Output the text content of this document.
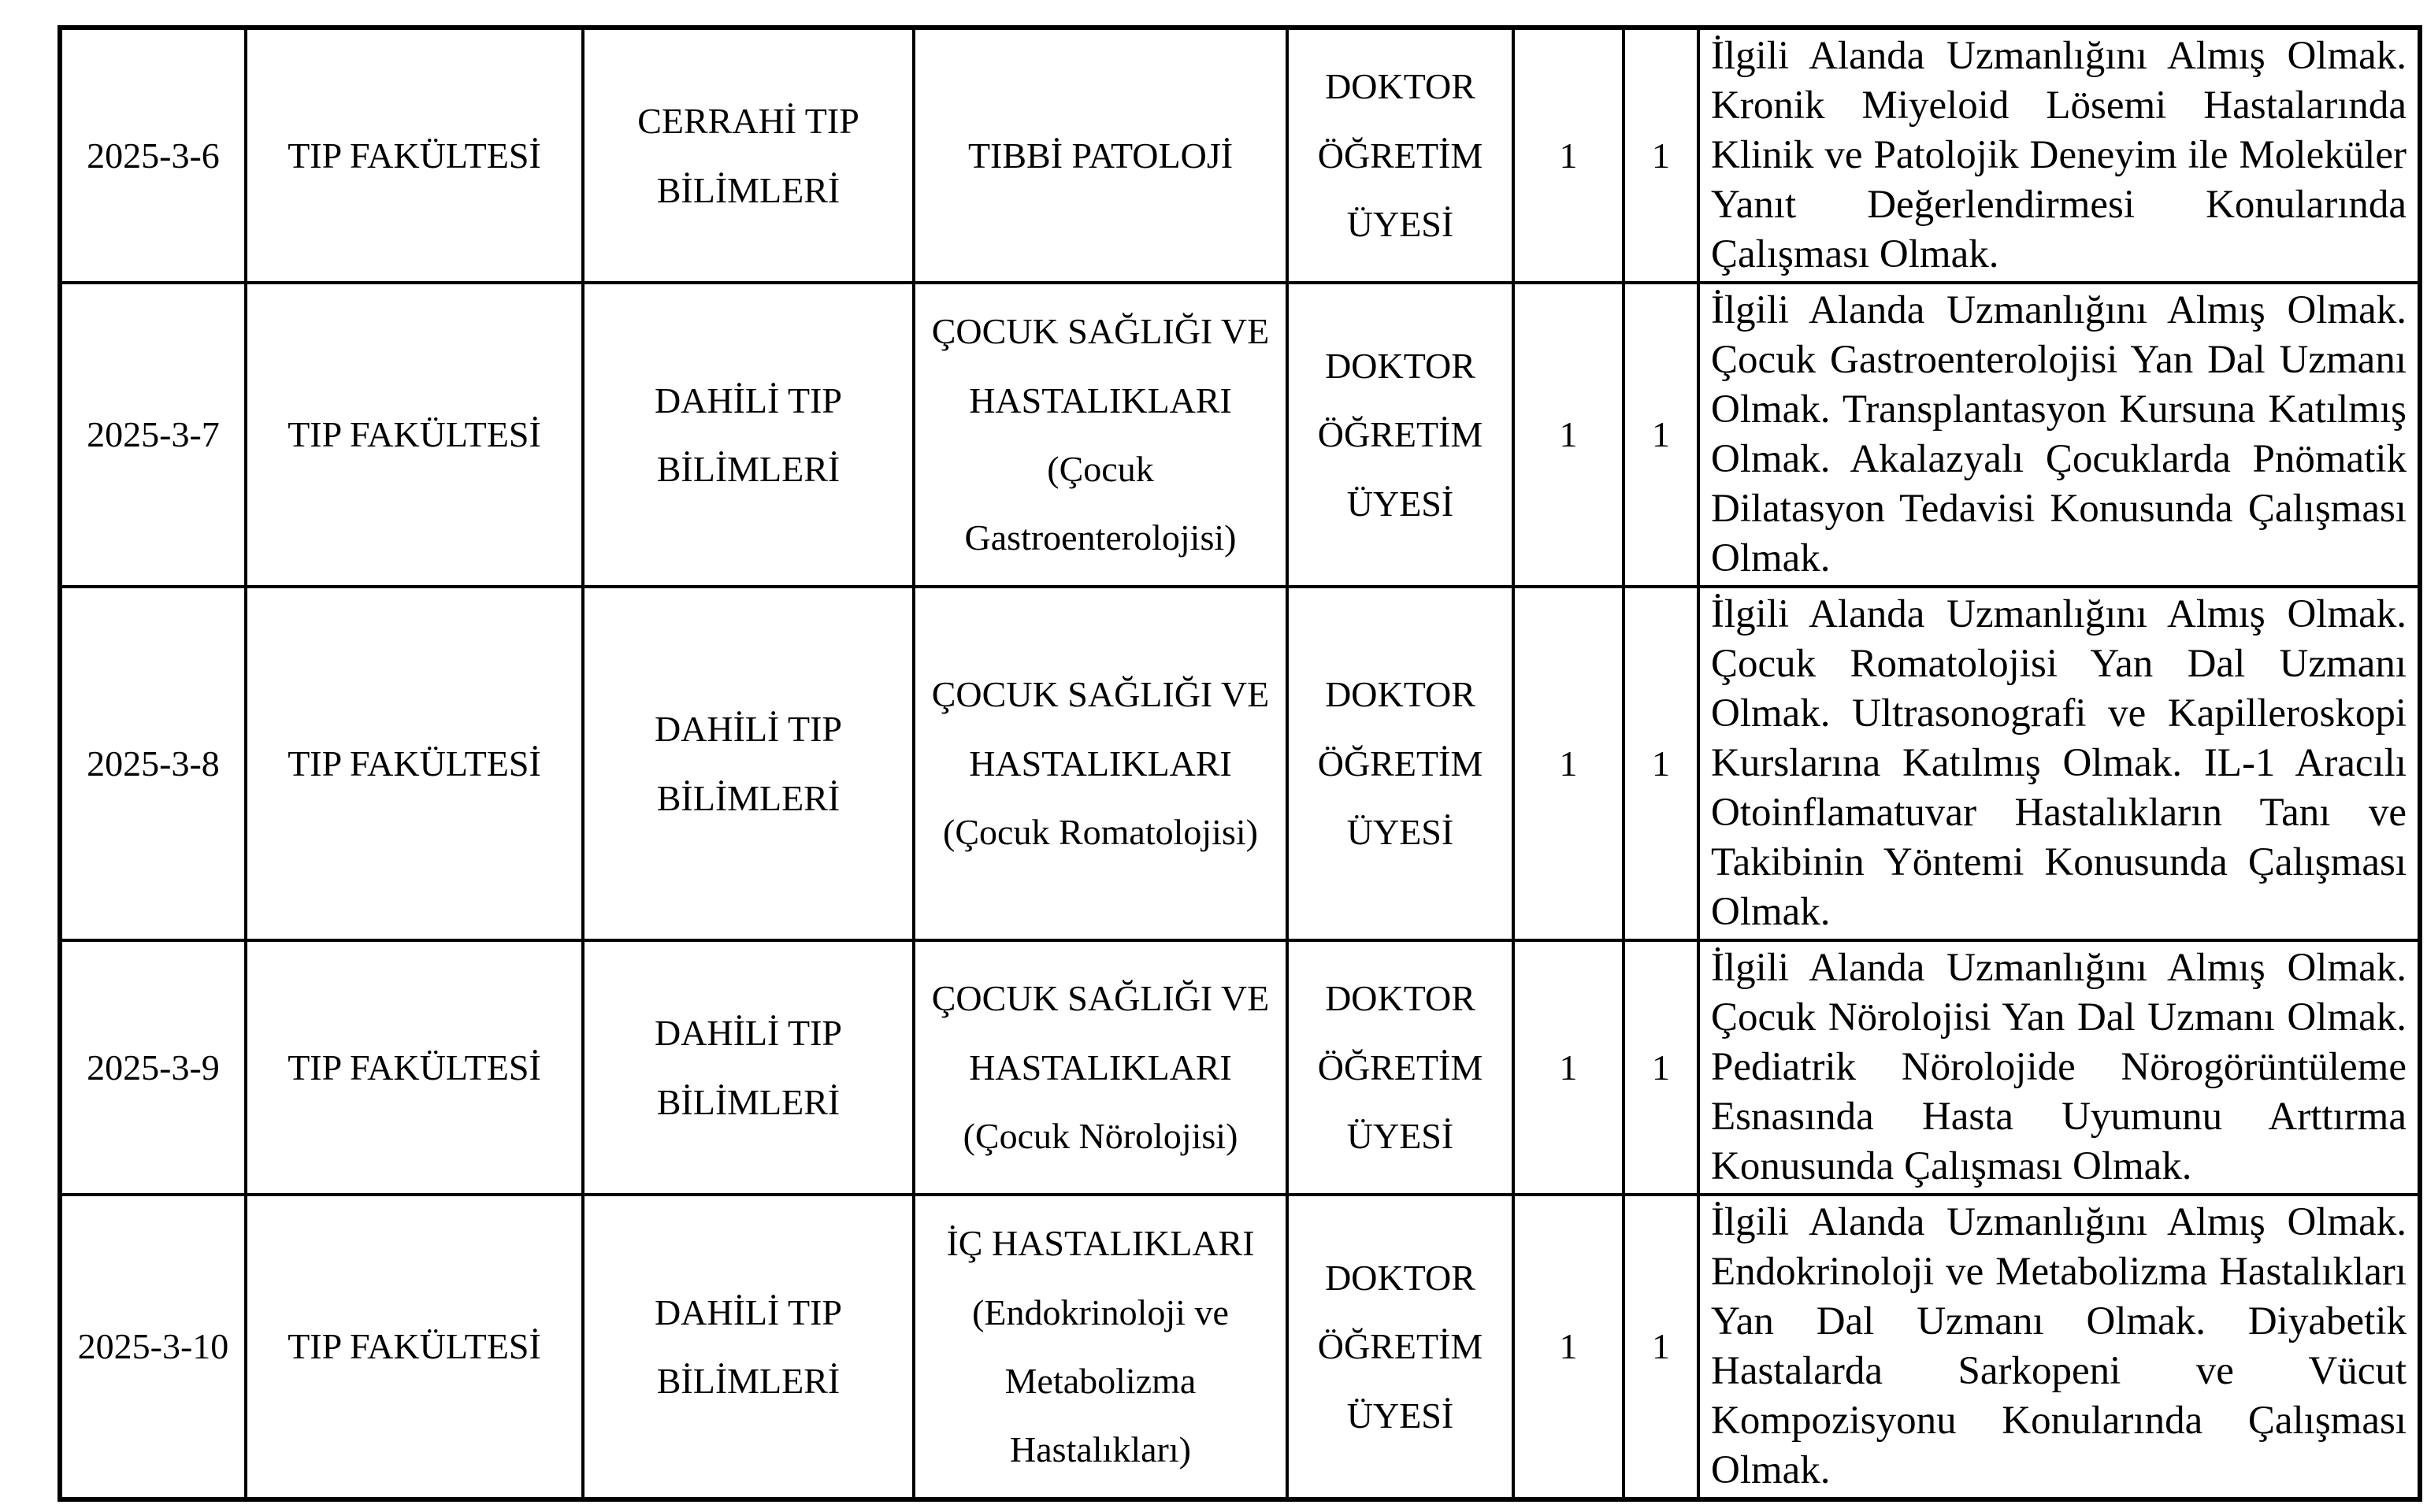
2025-3-6	TIP FAKÜLTESİ	CERRAHİ TIP BİLİMLERİ	TIBBİ PATOLOJİ	DOKTOR ÖĞRETİM ÜYESİ	1	1	İlgili Alanda Uzmanlığını Almış Olmak. Kronik Miyeloid Lösemi Hastalarında Klinik ve Patolojik Deneyim ile Moleküler Yanıt Değerlendirmesi Konularında Çalışması Olmak.
2025-3-7	TIP FAKÜLTESİ	DAHİLİ TIP BİLİMLERİ	ÇOCUK SAĞLIĞI VE HASTALIKLARI (Çocuk Gastroenterolojisi)	DOKTOR ÖĞRETİM ÜYESİ	1	1	İlgili Alanda Uzmanlığını Almış Olmak. Çocuk Gastroenterolojisi Yan Dal Uzmanı Olmak. Transplantasyon Kursuna Katılmış Olmak. Akalazyalı Çocuklarda Pnömatik Dilatasyon Tedavisi Konusunda Çalışması Olmak.
2025-3-8	TIP FAKÜLTESİ	DAHİLİ TIP BİLİMLERİ	ÇOCUK SAĞLIĞI VE HASTALIKLARI (Çocuk Romatolojisi)	DOKTOR ÖĞRETİM ÜYESİ	1	1	İlgili Alanda Uzmanlığını Almış Olmak. Çocuk Romatolojisi Yan Dal Uzmanı Olmak. Ultrasonografi ve Kapilleroskopi Kurslarına Katılmış Olmak. IL-1 Aracılı Otoinflamatuvar Hastalıkların Tanı ve Takibinin Yöntemi Konusunda Çalışması Olmak.
2025-3-9	TIP FAKÜLTESİ	DAHİLİ TIP BİLİMLERİ	ÇOCUK SAĞLIĞI VE HASTALIKLARI (Çocuk Nörolojisi)	DOKTOR ÖĞRETİM ÜYESİ	1	1	İlgili Alanda Uzmanlığını Almış Olmak. Çocuk Nörolojisi Yan Dal Uzmanı Olmak. Pediatrik Nörolojide Nörogörüntüleme Esnasında Hasta Uyumunu Arttırma Konusunda Çalışması Olmak.
2025-3-10	TIP FAKÜLTESİ	DAHİLİ TIP BİLİMLERİ	İÇ HASTALIKLARI (Endokrinoloji ve Metabolizma Hastalıkları)	DOKTOR ÖĞRETİM ÜYESİ	1	1	İlgili Alanda Uzmanlığını Almış Olmak. Endokrinoloji ve Metabolizma Hastalıkları Yan Dal Uzmanı Olmak. Diyabetik Hastalarda Sarkopeni ve Vücut Kompozisyonu Konularında Çalışması Olmak.
